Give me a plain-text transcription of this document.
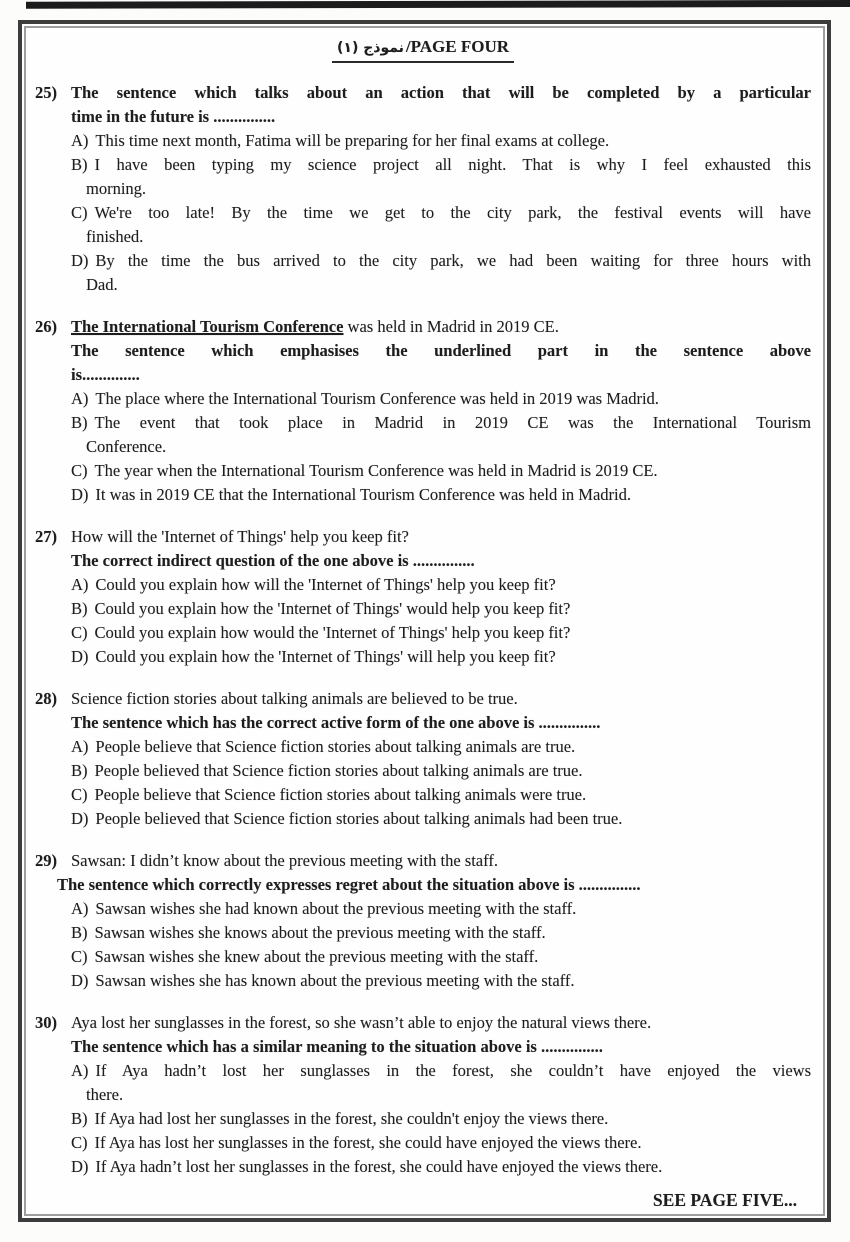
نموذج (١) /PAGE FOUR
25) The sentence which talks about an action that will be completed by a particular
time in the future is ...............

A) This time next month, Fatima will be preparing for her final exams at college.

B) I have been typing my science project all night. That is why I feel exhausted this
morning.

C) We're too late! By the time we get to the city park, the festival events will have
finished.

D) By the time the bus arrived to the city park, we had been waiting for three hours with
Dad.

26) The International Tourism Conference was held in Madrid in 2019 CE.

The sentence which emphasises the underlined part in the sentence above
is..............

A) The place where the International Tourism Conference was held in 2019 was Madrid.

B) The event that took place in Madrid in 2019 CE was the International Tourism
Conference.

C) The year when the International Tourism Conference was held in Madrid is 2019 CE.

D) It was in 2019 CE that the International Tourism Conference was held in Madrid.

27) How will the 'Internet of Things' help you keep fit?

The correct indirect question of the one above is ...............

A) Could you explain how will the 'Internet of Things' help you keep fit?

B) Could you explain how the 'Internet of Things' would help you keep fit?

C) Could you explain how would the 'Internet of Things' help you keep fit?

D) Could you explain how the 'Internet of Things' will help you keep fit?

28) Science fiction stories about talking animals are believed to be true.

The sentence which has the correct active form of the one above is ...............

A) People believe that Science fiction stories about talking animals are true.

B) People believed that Science fiction stories about talking animals are true.

C) People believe that Science fiction stories about talking animals were true.

D) People believed that Science fiction stories about talking animals had been true.

29) Sawsan: I didn’t know about the previous meeting with the staff.

The sentence which correctly expresses regret about the situation above is ...............

A) Sawsan wishes she had known about the previous meeting with the staff.

B) Sawsan wishes she knows about the previous meeting with the staff.

C) Sawsan wishes she knew about the previous meeting with the staff.

D) Sawsan wishes she has known about the previous meeting with the staff.

30) Aya lost her sunglasses in the forest, so she wasn’t able to enjoy the natural views there.

The sentence which has a similar meaning to the situation above is ...............

A) If Aya hadn’t lost her sunglasses in the forest, she couldn’t have enjoyed the views
there.

B) If Aya had lost her sunglasses in the forest, she couldn't enjoy the views there.

C) If Aya has lost her sunglasses in the forest, she could have enjoyed the views there.

D) If Aya hadn’t lost her sunglasses in the forest, she could have enjoyed the views there.

SEE PAGE FIVE...
